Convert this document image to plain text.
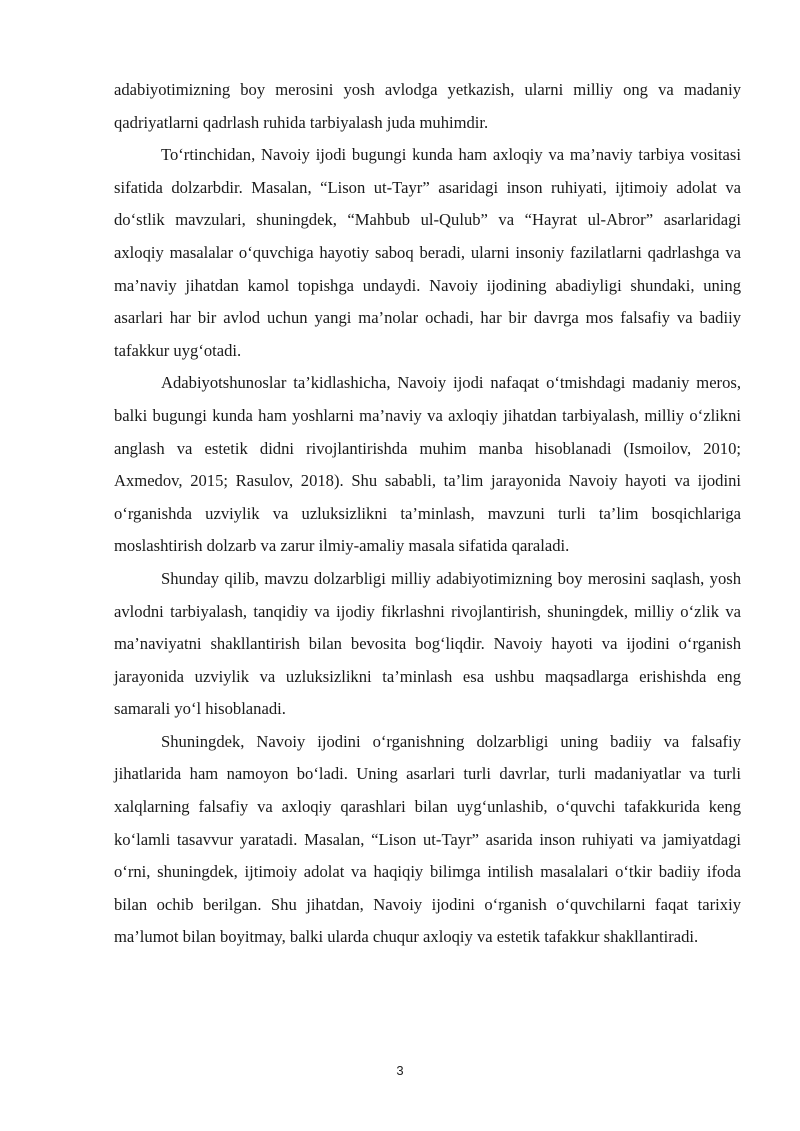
adabiyotimizning boy merosini yosh avlodga yetkazish, ularni milliy ong va madaniy qadriyatlarni qadrlash ruhida tarbiyalash juda muhimdir.

To‘rtinchidan, Navoiy ijodi bugungi kunda ham axloqiy va ma’naviy tarbiya vositasi sifatida dolzarbdir. Masalan, “Lison ut-Tayr” asaridagi inson ruhiyati, ijtimoiy adolat va do‘stlik mavzulari, shuningdek, “Mahbub ul-Qulub” va “Hayrat ul-Abror” asarlaridagi axloqiy masalalar o‘quvchiga hayotiy saboq beradi, ularni insoniy fazilatlarni qadrlashga va ma’naviy jihatdan kamol topishga undaydi. Navoiy ijodining abadiyligi shundaki, uning asarlari har bir avlod uchun yangi ma’nolar ochadi, har bir davrga mos falsafiy va badiiy tafakkur uyg‘otadi.

Adabiyotshunoslar ta’kidlashicha, Navoiy ijodi nafaqat o‘tmishdagi madaniy meros, balki bugungi kunda ham yoshlarni ma’naviy va axloqiy jihatdan tarbiyalash, milliy o‘zlikni anglash va estetik didni rivojlantirishda muhim manba hisoblanadi (Ismoilov, 2010; Axmedov, 2015; Rasulov, 2018). Shu sababli, ta’lim jarayonida Navoiy hayoti va ijodini o‘rganishda uzviylik va uzluksizlikni ta’minlash, mavzuni turli ta’lim bosqichlariga moslashtirish dolzarb va zarur ilmiy-amaliy masala sifatida qaraladi.

Shunday qilib, mavzu dolzarbligi milliy adabiyotimizning boy merosini saqlash, yosh avlodni tarbiyalash, tanqidiy va ijodiy fikrlashni rivojlantirish, shuningdek, milliy o‘zlik va ma’naviyatni shakllantirish bilan bevosita bog‘liqdir. Navoiy hayoti va ijodini o‘rganish jarayonida uzviylik va uzluksizlikni ta’minlash esa ushbu maqsadlarga erishishda eng samarali yo‘l hisoblanadi.

Shuningdek, Navoiy ijodini o‘rganishning dolzarbligi uning badiiy va falsafiy jihatlarida ham namoyon bo‘ladi. Uning asarlari turli davrlar, turli madaniyatlar va turli xalqlarning falsafiy va axloqiy qarashlari bilan uyg‘unlashib, o‘quvchi tafakkurida keng ko‘lamli tasavvur yaratadi. Masalan, “Lison ut-Tayr” asarida inson ruhiyati va jamiyatdagi o‘rni, shuningdek, ijtimoiy adolat va haqiqiy bilimga intilish masalalari o‘tkir badiiy ifoda bilan ochib berilgan. Shu jihatdan, Navoiy ijodini o‘rganish o‘quvchilarni faqat tarixiy ma’lumot bilan boyitmay, balki ularda chuqur axloqiy va estetik tafakkur shakllantiradi.

3
